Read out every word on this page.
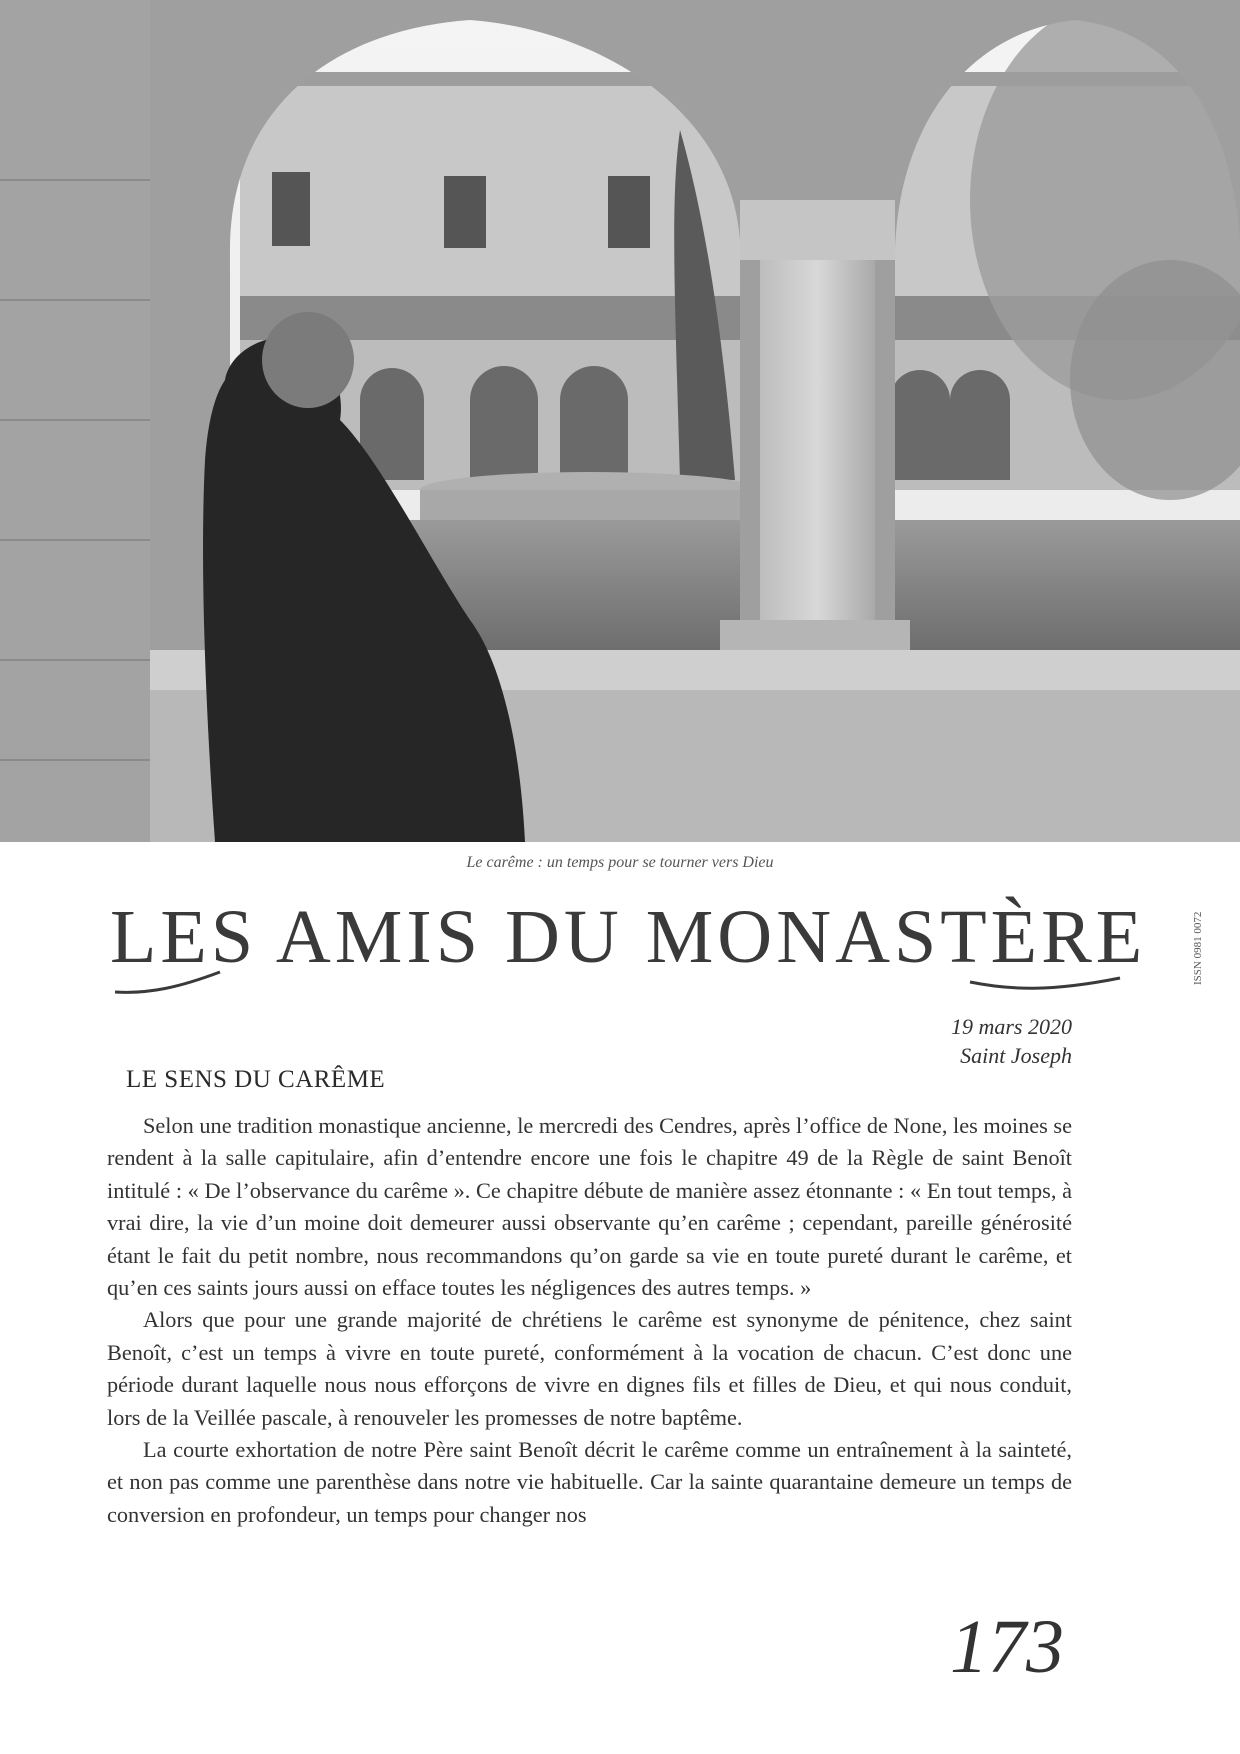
Le carême : un temps pour se tourner vers Dieu
LES AMIS DU MONASTÈRE	ISSN 0981 0072
19 mars 2020
Saint Joseph
LE SENS DU CARÊME

Selon une tradition monastique ancienne, le mercredi des Cendres, après l’office de None, les moines se rendent à la salle capitulaire, afin d’entendre encore une fois le chapitre 49 de la Règle de saint Benoît intitulé : « De l’observance du carême ». Ce chapitre débute de manière assez étonnante : « En tout temps, à vrai dire, la vie d’un moine doit demeurer aussi observante qu’en carême ; cependant, pareille générosité étant le fait du petit nombre, nous recommandons qu’on garde sa vie en toute pureté durant le carême, et qu’en ces saints jours aussi on efface toutes les négligences des autres temps. »

Alors que pour une grande majorité de chrétiens le carême est synonyme de pénitence, chez saint Benoît, c’est un temps à vivre en toute pureté, conformément à la vocation de chacun. C’est donc une période durant laquelle nous nous efforçons de vivre en dignes fils et filles de Dieu, et qui nous conduit, lors de la Veillée pascale, à renouveler les promesses de notre baptême.

La courte exhortation de notre Père saint Benoît décrit le carême comme un entraînement à la sainteté, et non pas comme une parenthèse dans notre vie habituelle. Car la sainte quarantaine demeure un temps de conversion en profondeur, un temps pour changer nos

173
